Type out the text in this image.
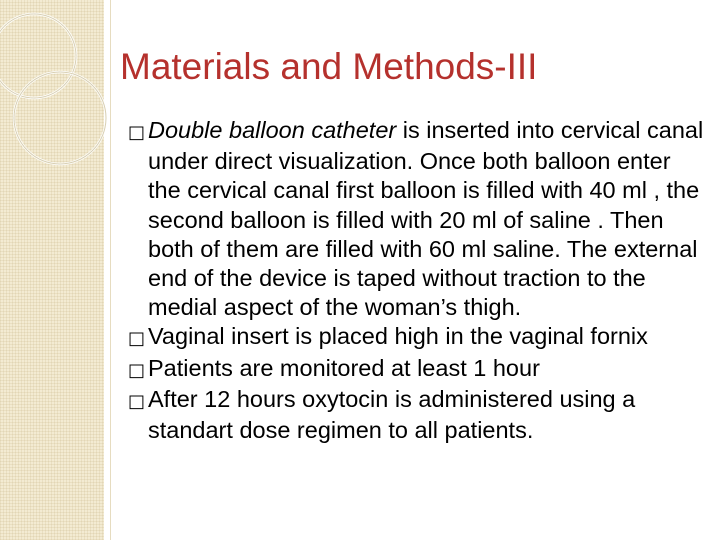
Materials and Methods-III
□ Double balloon catheter is inserted into cervical canal under direct visualization. Once both balloon enter the cervical canal first balloon is filled with 40 ml , the second balloon is filled with 20 ml of saline . Then both of them are filled with 60 ml saline. The external end of the device is taped without traction to the medial aspect of the woman’s thigh.
□ Vaginal insert is placed high in the vaginal fornix
□ Patients are monitored at least 1 hour
□ After 12 hours oxytocin is administered using a standart dose regimen to all patients.
